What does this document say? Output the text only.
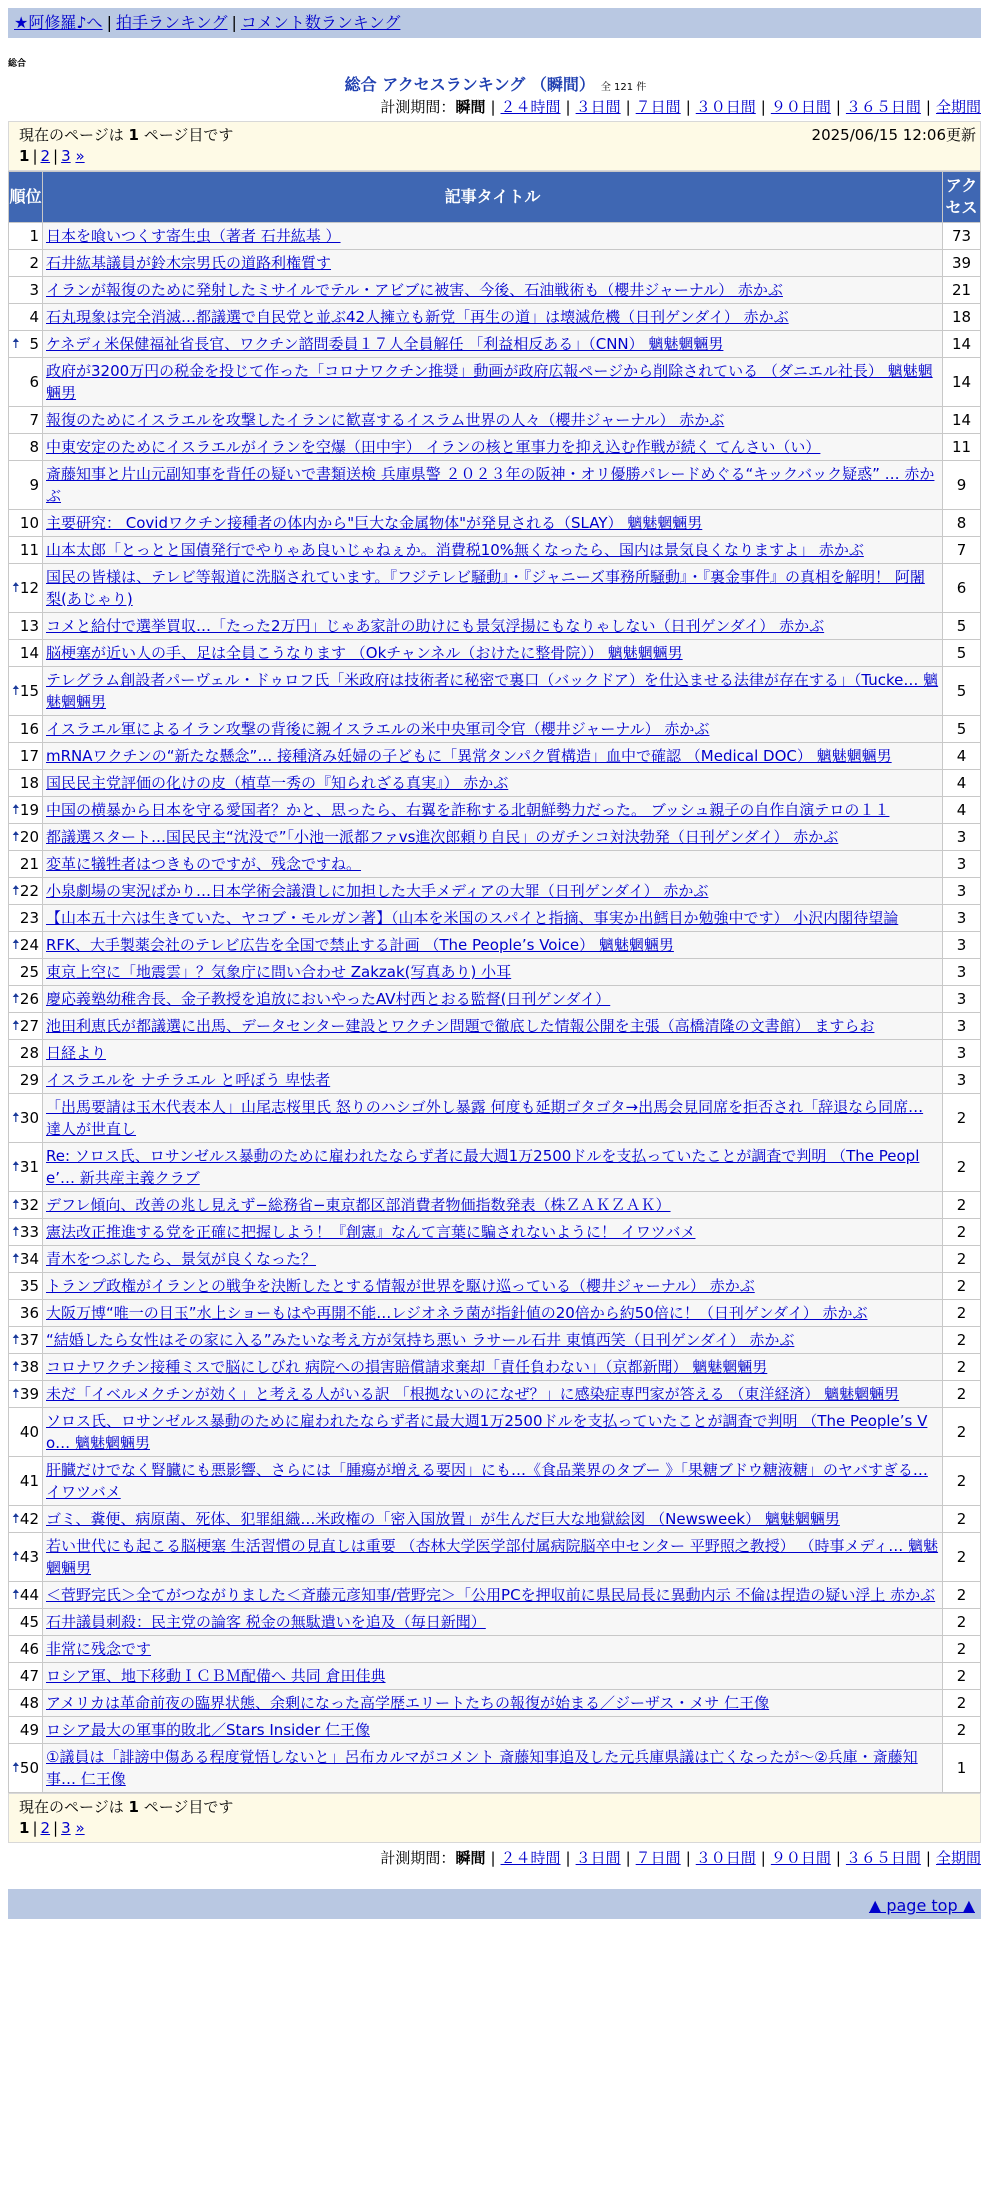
★阿修羅♪へ | 拍手ランキング | コメント数ランキング
総合
総合 アクセスランキング （瞬間） 全 121 件
計測期間：瞬間 | ２４時間 | ３日間 | ７日間 | ３０日間 | ９０日間 | ３６５日間 | 全期間
現在のページは 1 ページ目です	2025/06/15 12:06更新
1 | 2 | 3 »
順位	記事タイトル	アクセス
1	日本を喰いつくす寄生虫（著者 石井紘基 ）	73
2	石井紘基議員が鈴木宗男氏の道路利権質す	39
3	イランが報復のために発射したミサイルでテル・アビブに被害、今後、石油戦術も（櫻井ジャーナル） 赤かぶ	21
4	石丸現象は完全消滅…都議選で自民党と並ぶ42人擁立も新党「再生の道」は壊滅危機（日刊ゲンダイ） 赤かぶ	18

🠅 5	ケネディ米保健福祉省長官、ワクチン諮問委員１７人全員解任 「利益相反ある」（CNN） 魑魅魍魎男	14
6	政府が3200万円の税金を投じて作った「コロナワクチン推奨」動画が政府広報ページから削除されている （ダニエル社長） 魑魅魍魎男	14
7	報復のためにイスラエルを攻撃したイランに歓喜するイスラム世界の人々（櫻井ジャーナル） 赤かぶ	14
8	中東安定のためにイスラエルがイランを空爆（田中宇） イランの核と軍事力を抑え込む作戦が続く てんさい（い）	11
9	斎藤知事と片山元副知事を背任の疑いで書類送検 兵庫県警 ２０２３年の阪神・オリ優勝パレードめぐる“キックバック疑惑” … 赤かぶ	9
10	主要研究： Covidワクチン接種者の体内から"巨大な金属物体"が発見される（SLAY） 魑魅魍魎男	8
11	山本太郎「とっとと国債発行でやりゃあ良いじゃねぇか。消費税10%無くなったら、国内は景気良くなりますよ」 赤かぶ	7

🠅 12	国民の皆様は、テレビ等報道に洗脳されています。『フジテレビ騒動』・『ジャニーズ事務所騒動』・『裏金事件』の真相を解明！ 阿闍梨(あじゃり)	6
13	コメと給付で選挙買収…「たった2万円」じゃあ家計の助けにも景気浮揚にもなりゃしない（日刊ゲンダイ） 赤かぶ	5
14	脳梗塞が近い人の手、足は全員こうなります （Okチャンネル（おけたに整骨院）） 魑魅魍魎男	5

🠅 15	テレグラム創設者パーヴェル・ドゥロフ氏「米政府は技術者に秘密で裏口（バックドア）を仕込ませる法律が存在する」（Tucke… 魑魅魍魎男	5
16	イスラエル軍によるイラン攻撃の背後に親イスラエルの米中央軍司令官（櫻井ジャーナル） 赤かぶ	5
17	mRNAワクチンの“新たな懸念”… 接種済み妊婦の子どもに「異常タンパク質構造」血中で確認 （Medical DOC） 魑魅魍魎男	4
18	国民民主党評価の化けの皮（植草一秀の『知られざる真実』） 赤かぶ	4

🠅 19	中国の横暴から日本を守る愛国者？かと、思ったら、右翼を詐称する北朝鮮勢力だった。 ブッシュ親子の自作自演テロの１１	4

🠅 20	都議選スタート…国民民主“沈没で”「小池一派都ファvs進次郎頼り自民」のガチンコ対決勃発（日刊ゲンダイ） 赤かぶ	3
21	変革に犠牲者はつきものですが、残念ですね。	3

🠅 22	小泉劇場の実況ばかり…日本学術会議潰しに加担した大手メディアの大罪（日刊ゲンダイ） 赤かぶ	3
23	【山本五十六は生きていた、ヤコブ・モルガン著】（山本を米国のスパイと指摘、事実か出鱈目か勉強中です） 小沢内閣待望論	3

🠅 24	RFK、大手製薬会社のテレビ広告を全国で禁止する計画 （The People’s Voice） 魑魅魍魎男	3
25	東京上空に「地震雲」？気象庁に問い合わせ Zakzak(写真あり) 小耳	3

🠅 26	慶応義塾幼稚舎長、金子教授を追放においやったAV村西とおる監督(日刊ゲンダイ）	3

🠅 27	池田利恵氏が都議選に出馬、データセンター建設とワクチン問題で徹底した情報公開を主張（高橋清隆の文書館） ますらお	3
28	日経より	3
29	イスラエルを ナチラエル と呼ぼう 卑怯者	3

🠅 30	「出馬要請は玉木代表本人」山尾志桜里氏 怒りのハシゴ外し暴露 何度も延期ゴタゴタ→出馬会見同席を拒否され「辞退なら同席… 達人が世直し	2

🠅 31	Re: ソロス氏、ロサンゼルス暴動のために雇われたならず者に最大週1万2500ドルを支払っていたことが調査で判明 （The People’… 新共産主義クラブ	2

🠅 32	デフレ傾向、改善の兆し見えず−総務省−東京都区部消費者物価指数発表（株ＺＡＫＺＡＫ）	2

🠅 33	憲法改正推進する党を正確に把握しよう！『創憲』なんて言葉に騙されないように！ イワツバメ	2

🠅 34	青木をつぶしたら、景気が良くなった？	2
35	トランプ政権がイランとの戦争を決断したとする情報が世界を駆け巡っている（櫻井ジャーナル） 赤かぶ	2
36	大阪万博“唯一の目玉”水上ショーもはや再開不能…レジオネラ菌が指針値の20倍から約50倍に！（日刊ゲンダイ） 赤かぶ	2

🠅 37	“結婚したら女性はその家に入る”みたいな考え方が気持ち悪い ラサール石井 東慎西笑（日刊ゲンダイ） 赤かぶ	2

🠅 38	コロナワクチン接種ミスで脳にしびれ 病院への損害賠償請求棄却「責任負わない」（京都新聞） 魑魅魍魎男	2

🠅 39	未だ「イベルメクチンが効く」と考える人がいる訳 「根拠ないのになぜ？」に感染症専門家が答える （東洋経済） 魑魅魍魎男	2
40	ソロス氏、ロサンゼルス暴動のために雇われたならず者に最大週1万2500ドルを支払っていたことが調査で判明 （The People’s Vo… 魑魅魍魎男	2
41	肝臓だけでなく腎臓にも悪影響、さらには「腫瘍が増える要因」にも…《食品業界のタブー 》「果糖ブドウ糖液糖」のヤバすぎる… イワツバメ	2

🠅 42	ゴミ、糞便、病原菌、死体、犯罪組織…米政権の「密入国放置」が生んだ巨大な地獄絵図 （Newsweek） 魑魅魍魎男	2

🠅 43	若い世代にも起こる脳梗塞 生活習慣の見直しは重要 （杏林大学医学部付属病院脳卒中センター 平野照之教授） （時事メディ… 魑魅魍魎男	2

🠅 44	＜菅野完氏＞全てがつながりました＜斉藤元彦知事/菅野完＞「公用PCを押収前に県民局長に異動内示 不倫は捏造の疑い浮上 赤かぶ	2
45	石井議員刺殺：民主党の論客 税金の無駄遣いを追及（毎日新聞）	2
46	非常に残念です	2
47	ロシア軍、地下移動ＩＣＢＭ配備へ 共同 倉田佳典	2
48	アメリカは革命前夜の臨界状態、余剰になった高学歴エリートたちの報復が始まる／ジーザス・メサ 仁王像	2
49	ロシア最大の軍事的敗北／Stars Insider 仁王像	2

🠅 50	①議員は「誹謗中傷ある程度覚悟しないと」呂布カルマがコメント 斎藤知事追及した元兵庫県議は亡くなったが～②兵庫・斎藤知事… 仁王像	1
現在のページは 1 ページ目です
1 | 2 | 3 »
計測期間：瞬間 | ２４時間 | ３日間 | ７日間 | ３０日間 | ９０日間 | ３６５日間 | 全期間
▲ page top ▲
